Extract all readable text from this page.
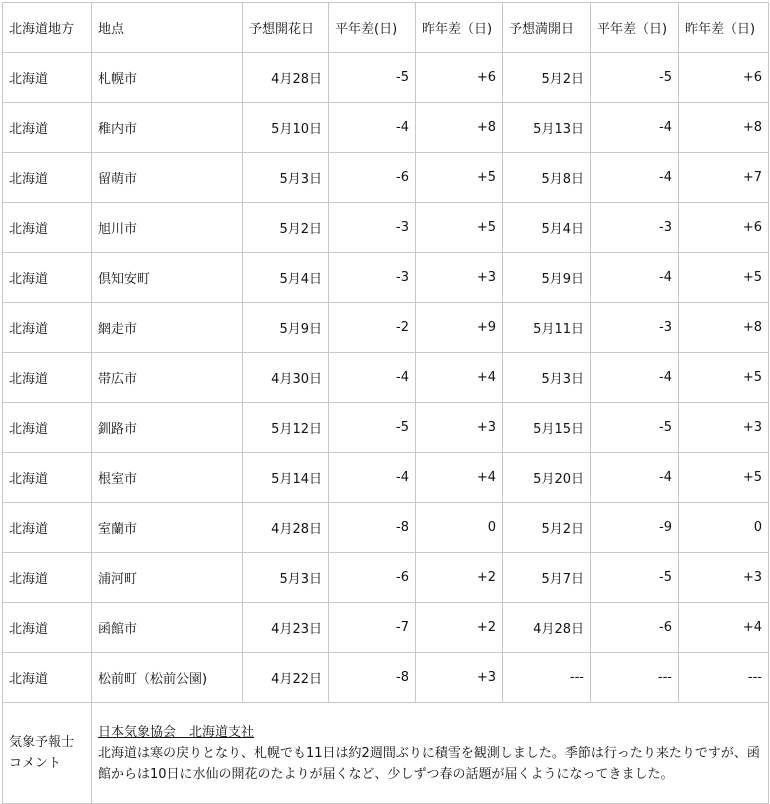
北海道地方	地点	予想開花日	平年差(日)	昨年差（日)	予想満開日	平年差（日)	昨年差（日)
北海道	札幌市	4月28日	-5	+6	5月2日	-5	+6
北海道	稚内市	5月10日	-4	+8	5月13日	-4	+8
北海道	留萌市	5月3日	-6	+5	5月8日	-4	+7
北海道	旭川市	5月2日	-3	+5	5月4日	-3	+6
北海道	倶知安町	5月4日	-3	+3	5月9日	-4	+5
北海道	網走市	5月9日	-2	+9	5月11日	-3	+8
北海道	帯広市	4月30日	-4	+4	5月3日	-4	+5
北海道	釧路市	5月12日	-5	+3	5月15日	-5	+3
北海道	根室市	5月14日	-4	+4	5月20日	-4	+5
北海道	室蘭市	4月28日	-8	0	5月2日	-9	0
北海道	浦河町	5月3日	-6	+2	5月7日	-5	+3
北海道	函館市	4月23日	-7	+2	4月28日	-6	+4
北海道	松前町（松前公園)	4月22日	-8	+3	---	---	---
気象予報士コメント	日本気象協会　北海道支社
北海道は寒の戻りとなり、札幌でも11日は約2週間ぶりに積雪を観測しました。季節は行ったり来たりですが、函館からは10日に水仙の開花のたよりが届くなど、少しずつ春の話題が届くようになってきました。						
